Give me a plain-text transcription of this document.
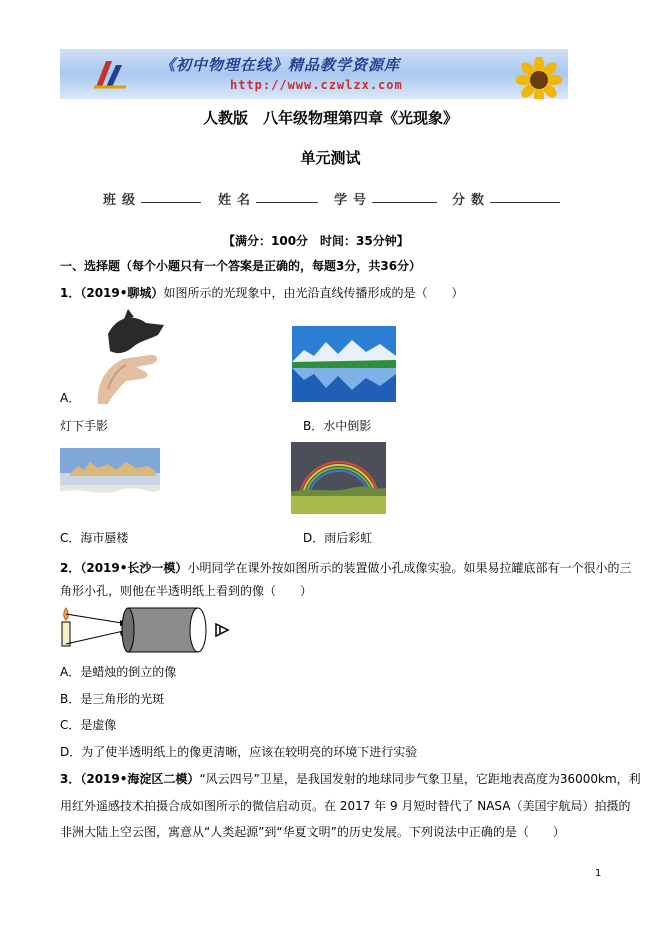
《初中物理在线》精品教学资源库
http://www.czwlzx.com
人教版　八年级物理第四章《光现象》
单元测试
班级	姓名	学号	分数
【满分：100分　时间：35分钟】
一、选择题（每个小题只有一个答案是正确的，每题3分，共36分）
1．（2019•聊城）如图所示的光现象中，由光沿直线传播形成的是（　　）
A．
灯下手影	B．水中倒影
C．海市蜃楼	D．雨后彩虹
2．（2019•长沙一模）小明同学在课外按如图所示的装置做小孔成像实验。如果易拉罐底部有一个很小的三
角形小孔，则他在半透明纸上看到的像（　　）
A．是蜡烛的倒立的像
B．是三角形的光斑
C．是虚像
D．为了使半透明纸上的像更清晰，应该在较明亮的环境下进行实验
3．（2019•海淀区二模）“风云四号”卫星，是我国发射的地球同步气象卫星，它距地表高度为36000km，利
用红外遥感技术拍摄合成如图所示的微信启动页。在 2017 年 9 月短时替代了 NASA（美国宇航局）拍摄的
非洲大陆上空云图，寓意从“人类起源”到“华夏文明”的历史发展。下列说法中正确的是（　　）
1
